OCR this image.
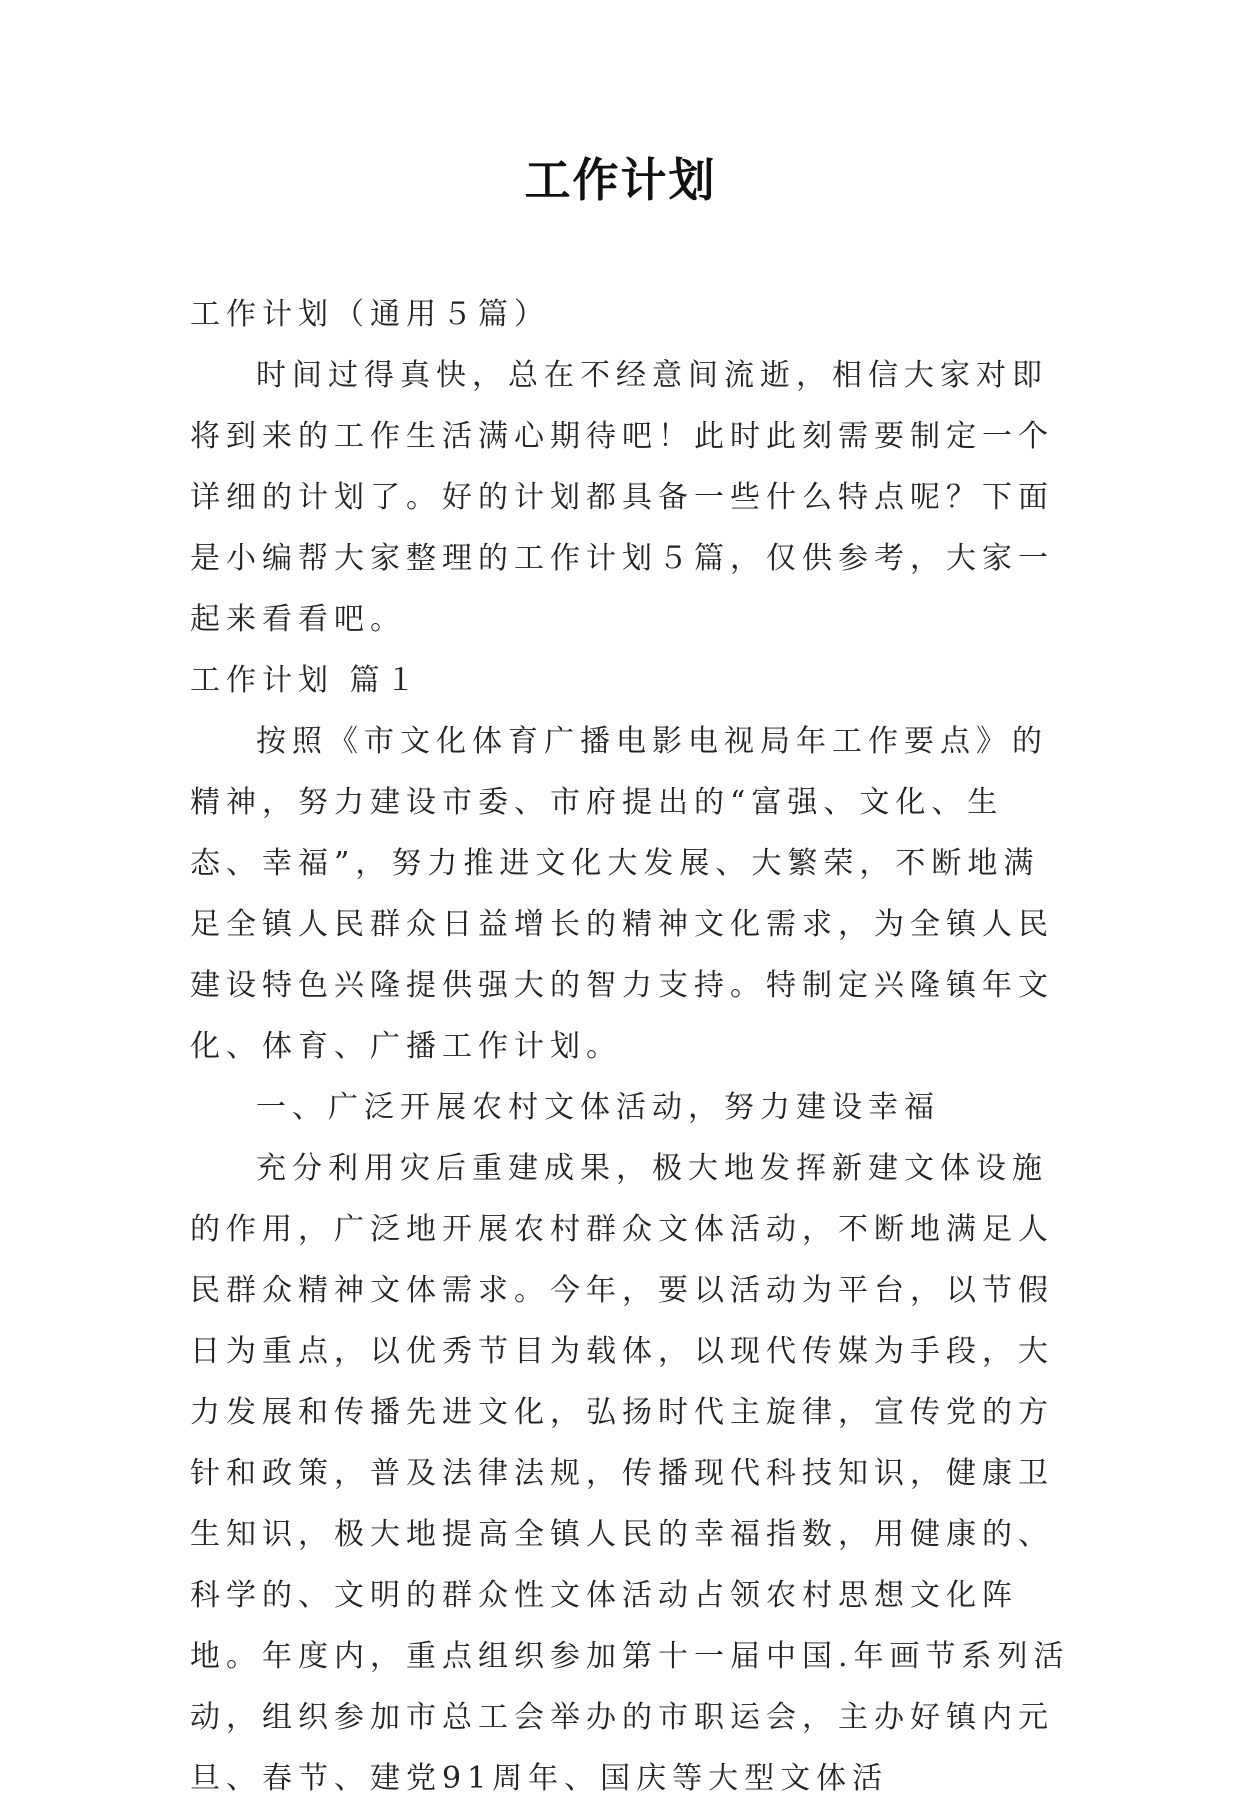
工作计划

工作计划（通用５篇）

时间过得真快，总在不经意间流逝，相信大家对即将到来的工作生活满心期待吧！此时此刻需要制定一个详细的计划了。好的计划都具备一些什么特点呢？下面是小编帮大家整理的工作计划５篇，仅供参考，大家一起来看看吧。

工作计划 篇１

按照《市文化体育广播电影电视局年工作要点》的精神，努力建设市委、市府提出的“富强、文化、生态、幸福”，努力推进文化大发展、大繁荣，不断地满足全镇人民群众日益增长的精神文化需求，为全镇人民建设特色兴隆提供强大的智力支持。特制定兴隆镇年文化、体育、广播工作计划。

一、广泛开展农村文体活动，努力建设幸福

充分利用灾后重建成果，极大地发挥新建文体设施的作用，广泛地开展农村群众文体活动，不断地满足人民群众精神文体需求。今年，要以活动为平台，以节假日为重点，以优秀节目为载体，以现代传媒为手段，大力发展和传播先进文化，弘扬时代主旋律，宣传党的方针和政策，普及法律法规，传播现代科技知识，健康卫生知识，极大地提高全镇人民的幸福指数，用健康的、科学的、文明的群众性文体活动占领农村思想文化阵地。年度内，重点组织参加第十一届中国.年画节系列活动，组织参加市总工会举办的市职运会，主办好镇内元旦、春节、建党91周年、国庆等大型文体活
